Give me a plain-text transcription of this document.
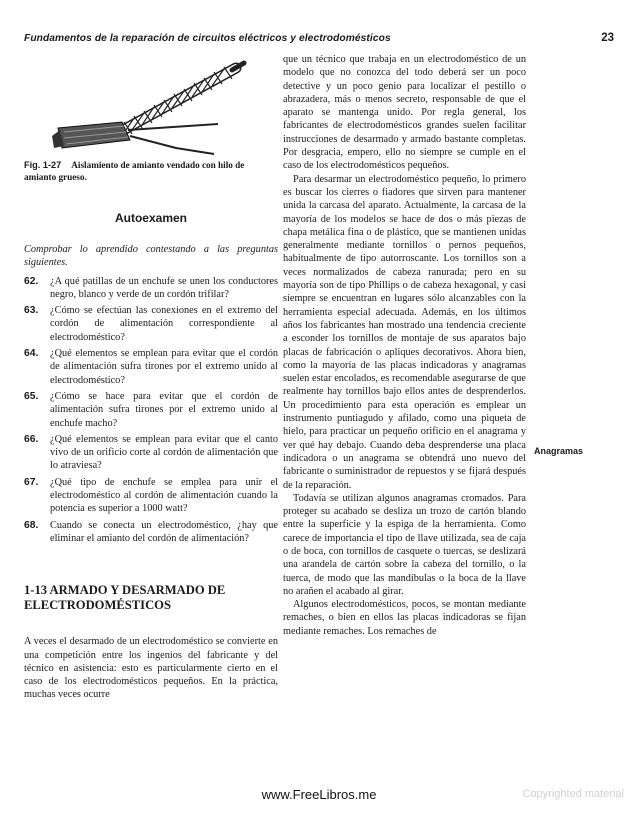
Fundamentos de la reparación de circuitos eléctricos y electrodomésticos	23

Fig. 1-27 Aislamiento de amianto vendado con hilo de amianto grueso.

Autoexamen

Comprobar lo aprendido contestando a las preguntas siguientes.

62.	¿A qué patillas de un enchufe se unen los conductores negro, blanco y verde de un cordón trifilar?
63.	¿Cómo se efectúan las conexiones en el extremo del cordón de alimentación correspondiente al electrodoméstico?
64.	¿Qué elementos se emplean para evitar que el cordón de alimentación sufra tirones por el extremo unido al electrodoméstico?
65.	¿Cómo se hace para evitar que el cordón de alimentación sufra tirones por el extremo unido al enchufe macho?
66.	¿Qué elementos se emplean para evitar que el canto vivo de un orificio corte al cordón de alimentación que lo atraviesa?
67.	¿Qué tipo de enchufe se emplea para unir el electrodoméstico al cordón de alimentación cuando la potencia es superior a 1000 watt?
68.	Cuando se conecta un electrodoméstico, ¿hay que eliminar el amianto del cordón de alimentación?
1-13 ARMADO Y DESARMADO DE ELECTRODOMÉSTICOS

A veces el desarmado de un electrodoméstico se convierte en una competición entre los ingenios del fabricante y del técnico en asistencia: esto es particularmente cierto en el caso de los electrodomésticos pequeños. En la práctica, muchas veces ocurre

que un técnico que trabaja en un electrodoméstico de un modelo que no conozca del todo deberá ser un poco detective y un poco genio para localizar el pestillo o abrazadera, más o menos secreto, responsable de que el aparato se mantenga unido. Por regla general, los fabricantes de electrodomésticos grandes suelen facilitar instrucciones de desarmado y armado bastante completas. Por desgracia, empero, ello no siempre se cumple en el caso de los electrodomésticos pequeños.

Para desarmar un electrodoméstico pequeño, lo primero es buscar los cierres o fiadores que sirven para mantener unida la carcasa del aparato. Actualmente, la carcasa de la mayoría de los modelos se hace de dos o más piezas de chapa metálica fina o de plástico, que se mantienen unidas generalmente mediante tornillos o pernos pequeños, habitualmente de tipo autorroscante. Los tornillos son a veces normalizados de cabeza ranurada; pero en su mayoría son de tipo Phillips o de cabeza hexagonal, y casi siempre se encuentran en lugares sólo alcanzables con la herramienta especial adecuada. Además, en los últimos años los fabricantes han mostrado una tendencia creciente a esconder los tornillos de montaje de sus aparatos bajo placas de fabricación o apliques decorativos. Ahora bien, como la mayoría de las placas indicadoras y anagramas suelen estar encolados, es recomendable asegurarse de que realmente hay tornillos bajo ellos antes de desprenderlos. Un procedimiento para esta operación es emplear un instrumento puntiagudo y afilado, como una piqueta de hielo, para practicar un pequeño orificio en el anagrama y ver qué hay debajo. Cuando deba desprenderse una placa indicadora o un anagrama se obtendrá uno nuevo del fabricante o suministrador de repuestos y se fijará después de la reparación.

Todavía se utilizan algunos anagramas cromados. Para proteger su acabado se desliza un trozo de cartón blando entre la superficie y la espiga de la herramienta. Como carece de importancia el tipo de llave utilizada, sea de caja o de boca, con tornillos de casquete o tuercas, se deslizará una arandela de cartón sobre la cabeza del tornillo, o la tuerca, de modo que las mandíbulas o la boca de la llave no arañen el acabado al girar.

Algunos electrodomésticos, pocos, se montan mediante remaches, o bien en ellos las placas indicadoras se fijan mediante remaches. Los remaches de

Anagramas
www.FreeLibros.me	Copyrighted material
